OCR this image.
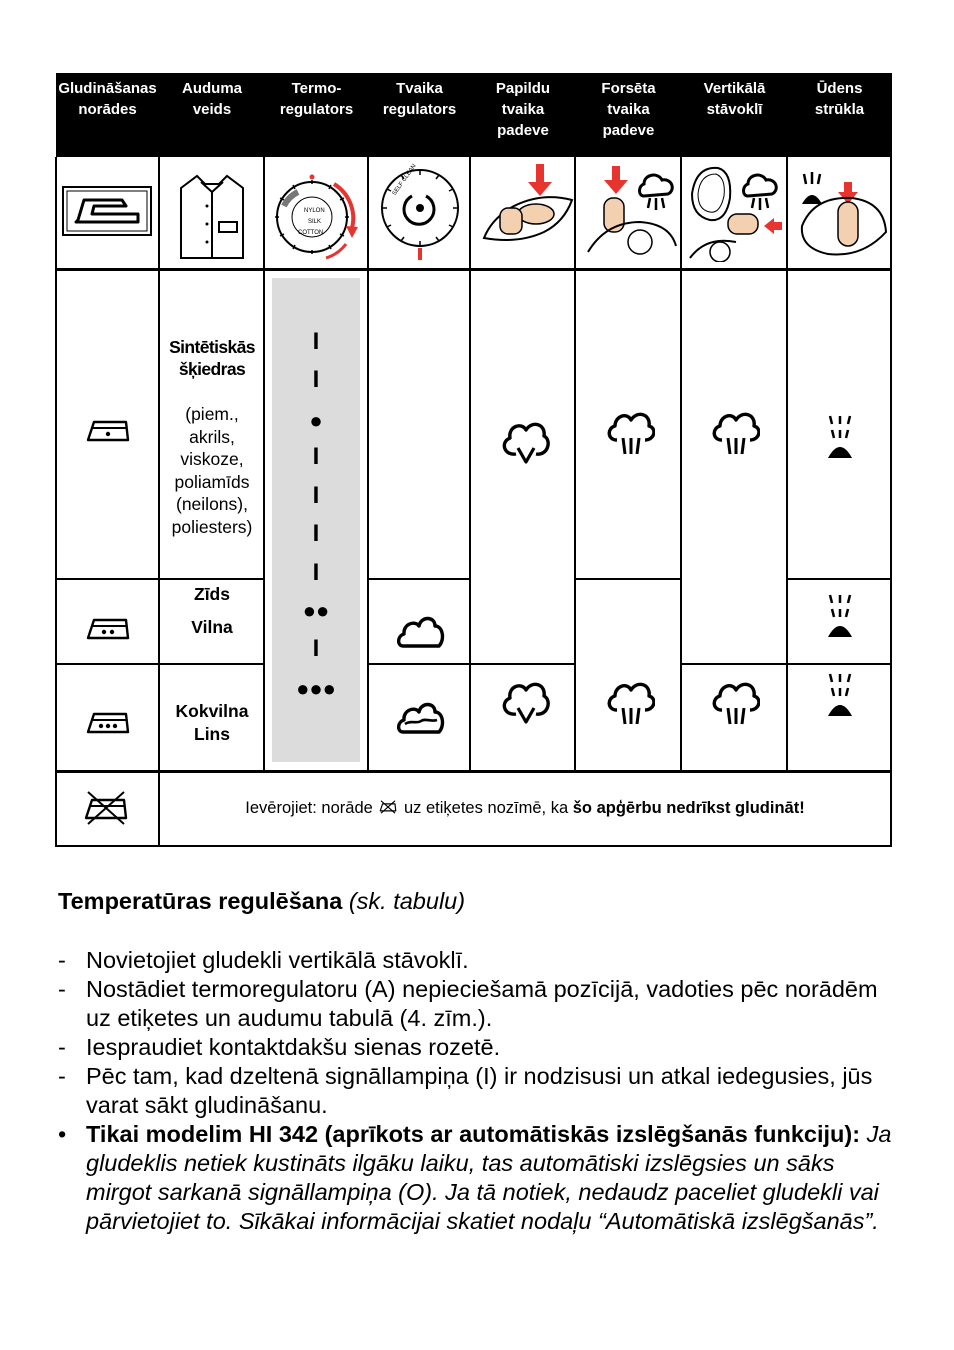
Gludināšanas
norādes
Auduma
veids
Termo-
regulators
Tvaika
regulators
Papildu
tvaika
padeve
Forsēta
tvaika
padeve
Vertikālā
stāvoklī
Ūdens
strūkla
NYLON
SILK
COTTON
SELF CLEAN

Sintētiskās
šķiedras

(piem.,
akrils,
viskoze,
poliamīds
(neilons),
poliesters)

Zīds

Vilna
Kokvilna
Lins
I
I
●
I
I
I
I
●●
I
●●●
Ievērojiet: norāde uz etiķetes nozīmē, ka šo apģērbu nedrīkst gludināt!
Temperatūras regulēšana (sk. tabulu)
- Novietojiet gludekli vertikālā stāvoklī.
- Nostādiet termoregulatoru (A) nepieciešamā pozīcijā, vadoties pēc norādēm uz etiķetes un audumu tabulā (4. zīm.).
- Iespraudiet kontaktdakšu sienas rozetē.
- Pēc tam, kad dzeltenā signāllampiņa (I) ir nodzisusi un atkal iedegusies, jūs varat sākt gludināšanu.
• Tikai modelim HI 342 (aprīkots ar automātiskās izslēgšanās funkciju): Ja gludeklis netiek kustināts ilgāku laiku, tas automātiski izslēgsies un sāks mirgot sarkanā signāllampiņa (O). Ja tā notiek, nedaudz paceliet gludekli vai pārvietojiet to. Sīkākai informācijai skatiet nodaļu “Automātiskā izslēgšanās”.
